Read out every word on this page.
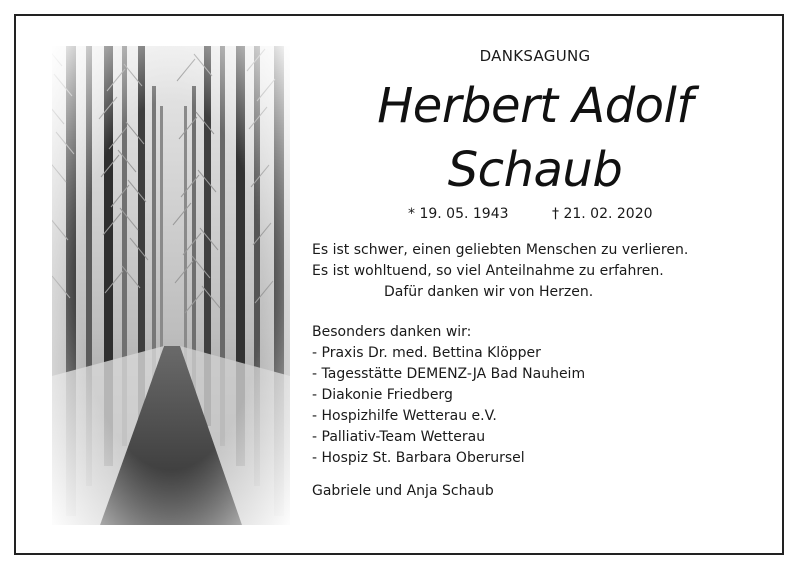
DANKSAGUNG
Herbert Adolf
Schaub
* 19. 05. 1943	† 21. 02. 2020
Es ist schwer, einen geliebten Menschen zu verlieren.
Es ist wohltuend, so viel Anteilnahme zu erfahren.
Dafür danken wir von Herzen.
Besonders danken wir:
- Praxis Dr. med. Bettina Klöpper
- Tagesstätte DEMENZ-JA Bad Nauheim
- Diakonie Friedberg
- Hospizhilfe Wetterau e.V.
- Palliativ-Team Wetterau
- Hospiz St. Barbara Oberursel
Gabriele und Anja Schaub
